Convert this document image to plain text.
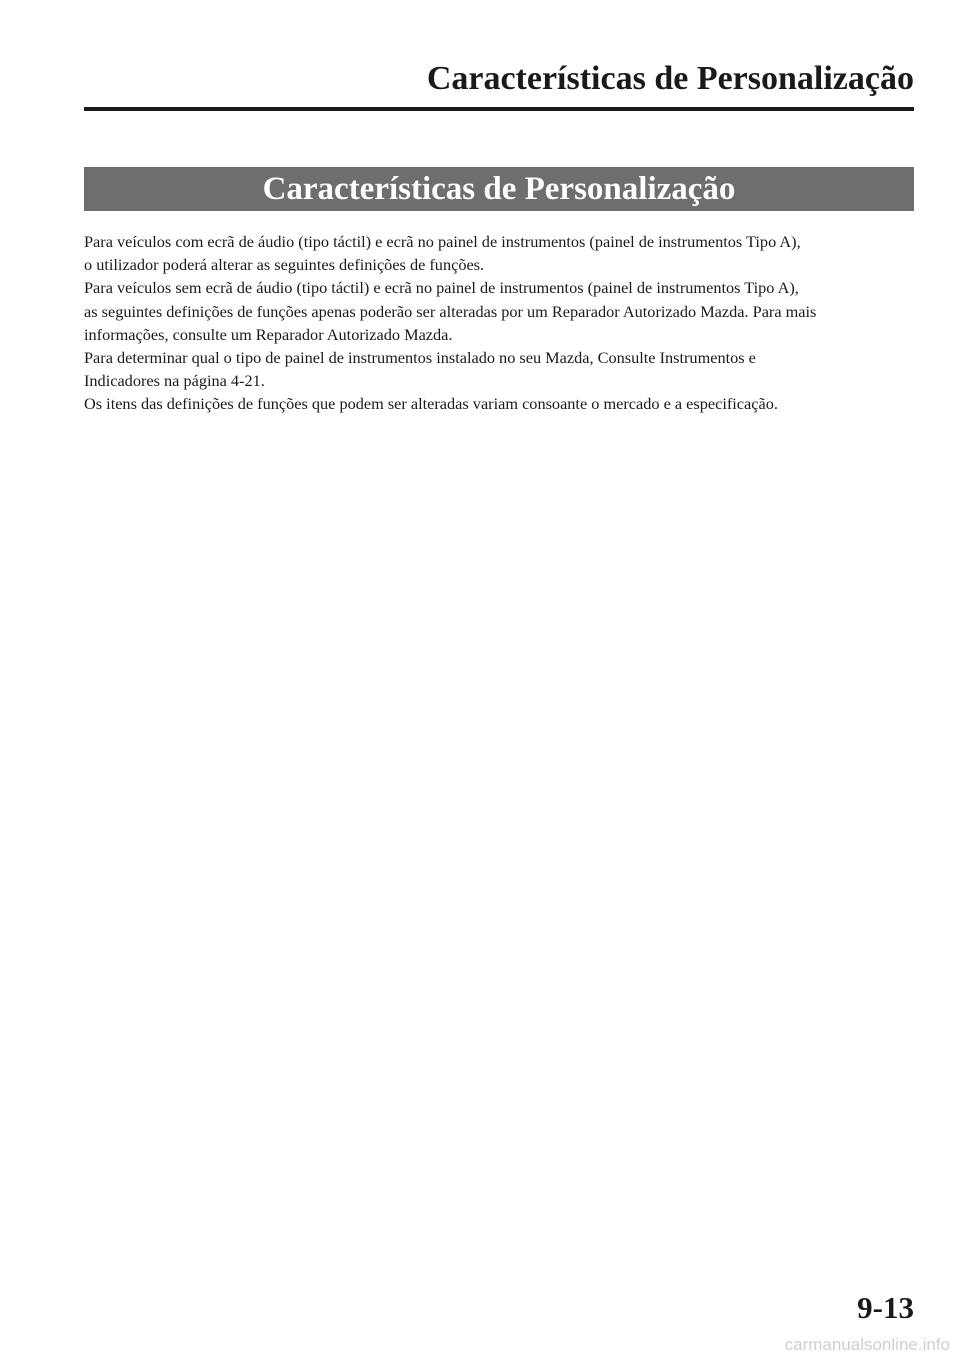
Características de Personalização
Características de Personalização

Para veículos com ecrã de áudio (tipo táctil) e ecrã no painel de instrumentos (painel de instrumentos Tipo A),

o utilizador poderá alterar as seguintes definições de funções.

Para veículos sem ecrã de áudio (tipo táctil) e ecrã no painel de instrumentos (painel de instrumentos Tipo A),

as seguintes definições de funções apenas poderão ser alteradas por um Reparador Autorizado Mazda. Para mais

informações, consulte um Reparador Autorizado Mazda.

Para determinar qual o tipo de painel de instrumentos instalado no seu Mazda, Consulte Instrumentos e

Indicadores na página 4-21.

Os itens das definições de funções que podem ser alteradas variam consoante o mercado e a especificação.

9-13
carmanualsonline.info
